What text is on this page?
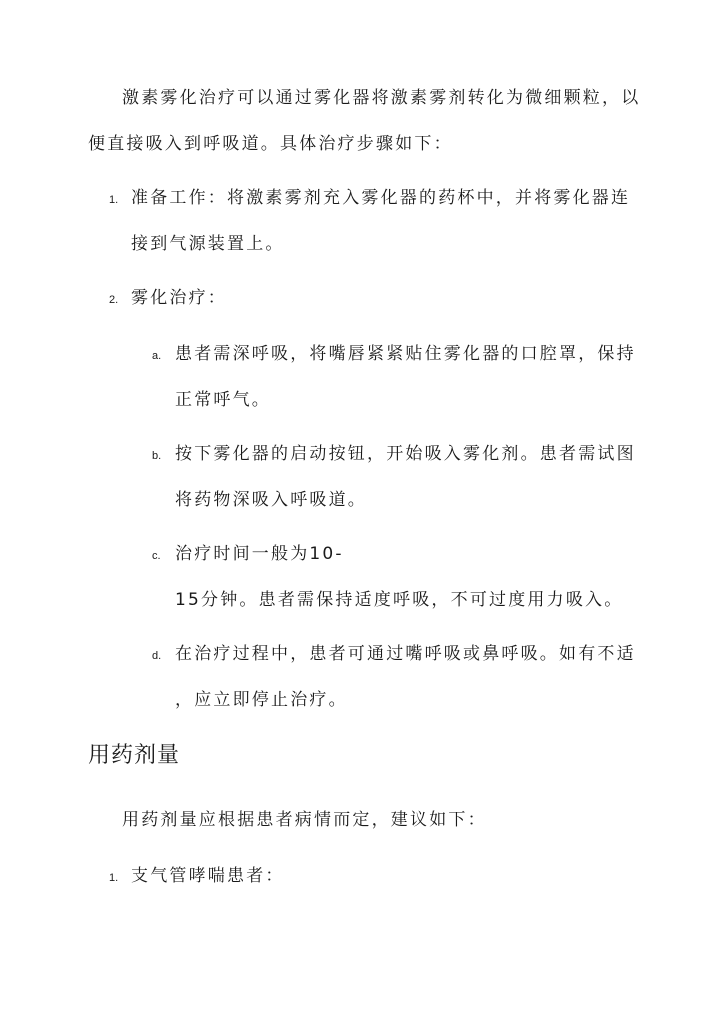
激素雾化治疗可以通过雾化器将激素雾剂转化为微细颗粒，以
便直接吸入到呼吸道。具体治疗步骤如下：
1. 准备工作：将激素雾剂充入雾化器的药杯中，并将雾化器连
接到气源装置上。
2. 雾化治疗：
a. 患者需深呼吸，将嘴唇紧紧贴住雾化器的口腔罩，保持
正常呼气。
b. 按下雾化器的启动按钮，开始吸入雾化剂。患者需试图
将药物深吸入呼吸道。
c. 治疗时间一般为10-
15分钟。患者需保持适度呼吸，不可过度用力吸入。
d. 在治疗过程中，患者可通过嘴呼吸或鼻呼吸。如有不适
，应立即停止治疗。
用药剂量
用药剂量应根据患者病情而定，建议如下：
1. 支气管哮喘患者：
